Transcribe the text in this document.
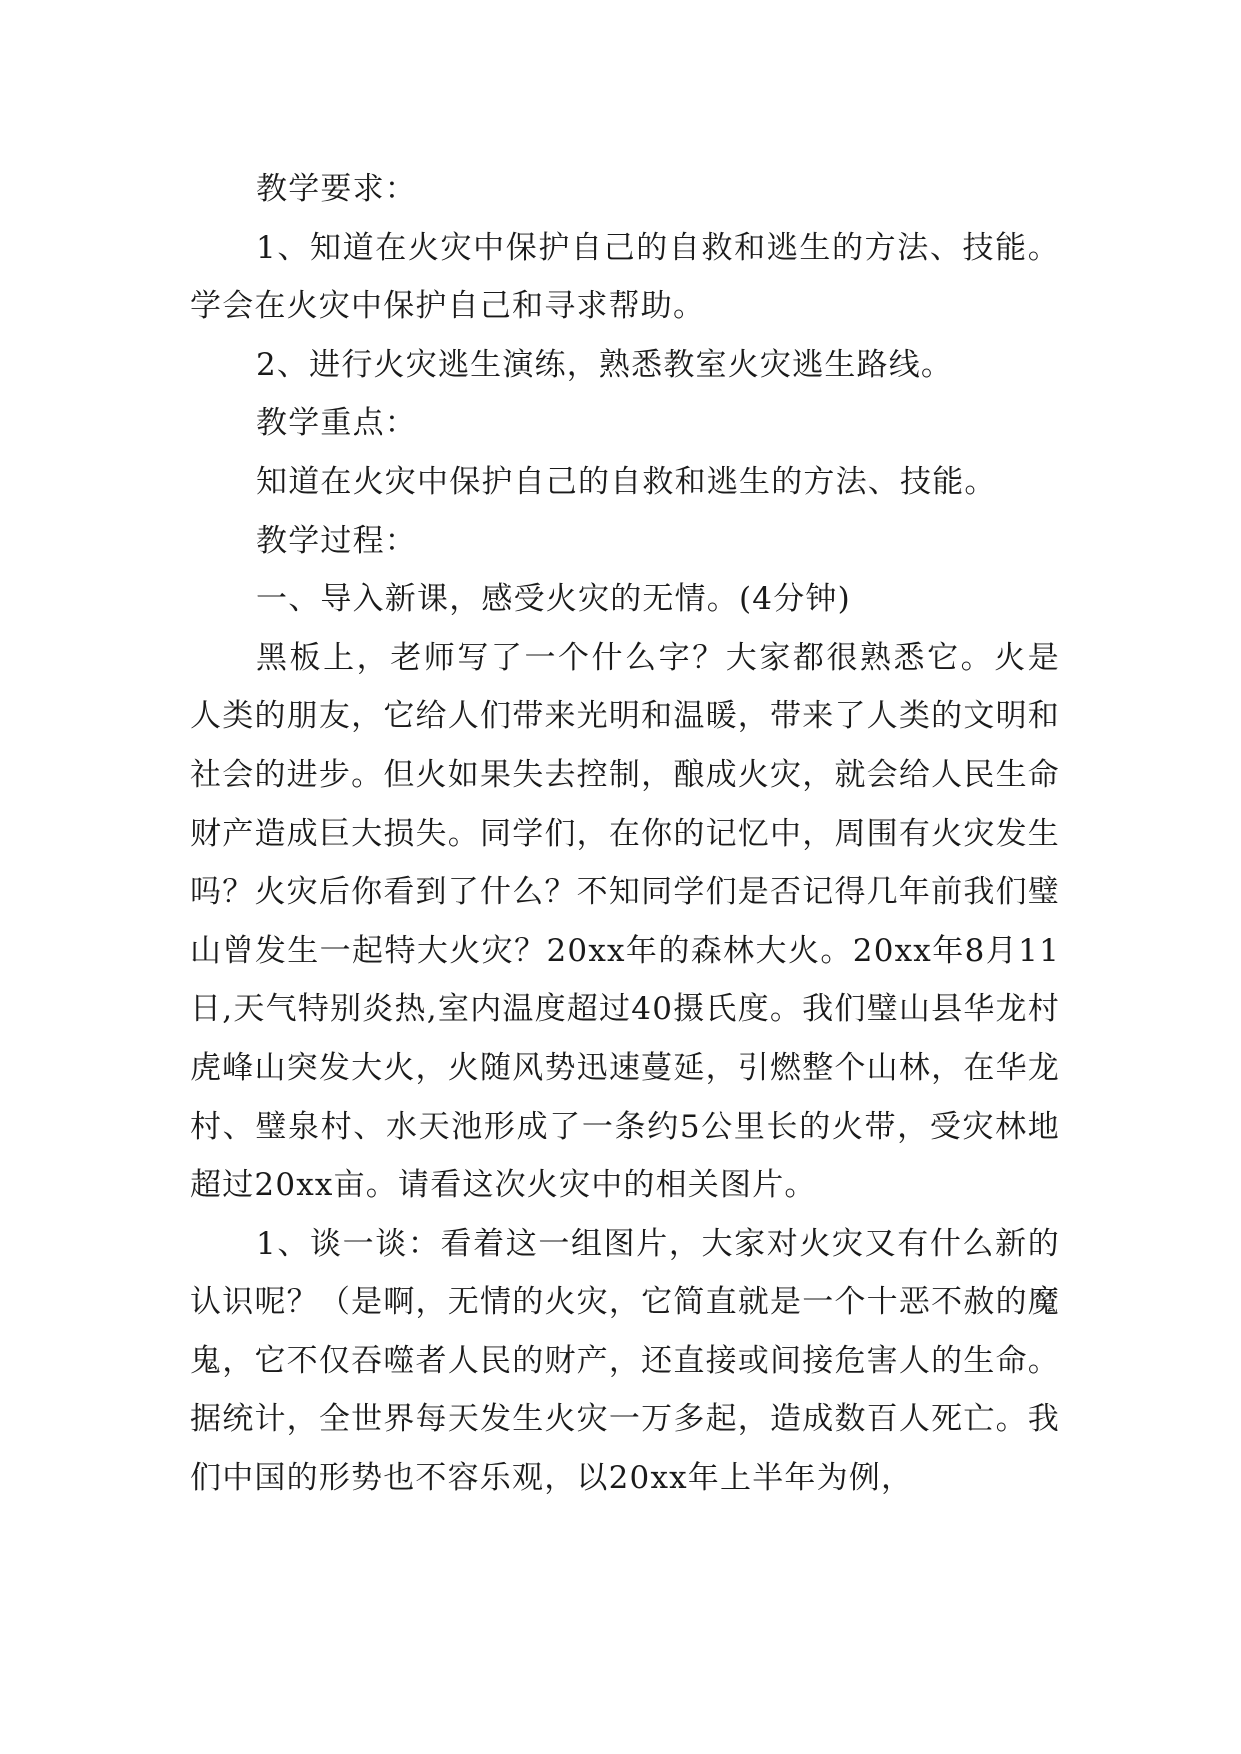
教学要求：

1、知道在火灾中保护自己的自救和逃生的方法、技能。学会在火灾中保护自己和寻求帮助。

2、进行火灾逃生演练，熟悉教室火灾逃生路线。

教学重点：

知道在火灾中保护自己的自救和逃生的方法、技能。

教学过程：

一、导入新课，感受火灾的无情。(4分钟)

黑板上，老师写了一个什么字？大家都很熟悉它。火是人类的朋友，它给人们带来光明和温暖，带来了人类的文明和社会的进步。但火如果失去控制，酿成火灾，就会给人民生命财产造成巨大损失。同学们，在你的记忆中，周围有火灾发生吗？火灾后你看到了什么？不知同学们是否记得几年前我们璧山曾发生一起特大火灾？20xx年的森林大火。20xx年8月11日,天气特别炎热,室内温度超过40摄氏度。我们璧山县华龙村虎峰山突发大火，火随风势迅速蔓延，引燃整个山林，在华龙村、璧泉村、水天池形成了一条约5公里长的火带，受灾林地超过20xx亩。请看这次火灾中的相关图片。

1、谈一谈：看着这一组图片，大家对火灾又有什么新的认识呢？（是啊，无情的火灾，它简直就是一个十恶不赦的魔鬼，它不仅吞噬者人民的财产，还直接或间接危害人的生命。据统计，全世界每天发生火灾一万多起，造成数百人死亡。我们中国的形势也不容乐观，以20xx年上半年为例，
